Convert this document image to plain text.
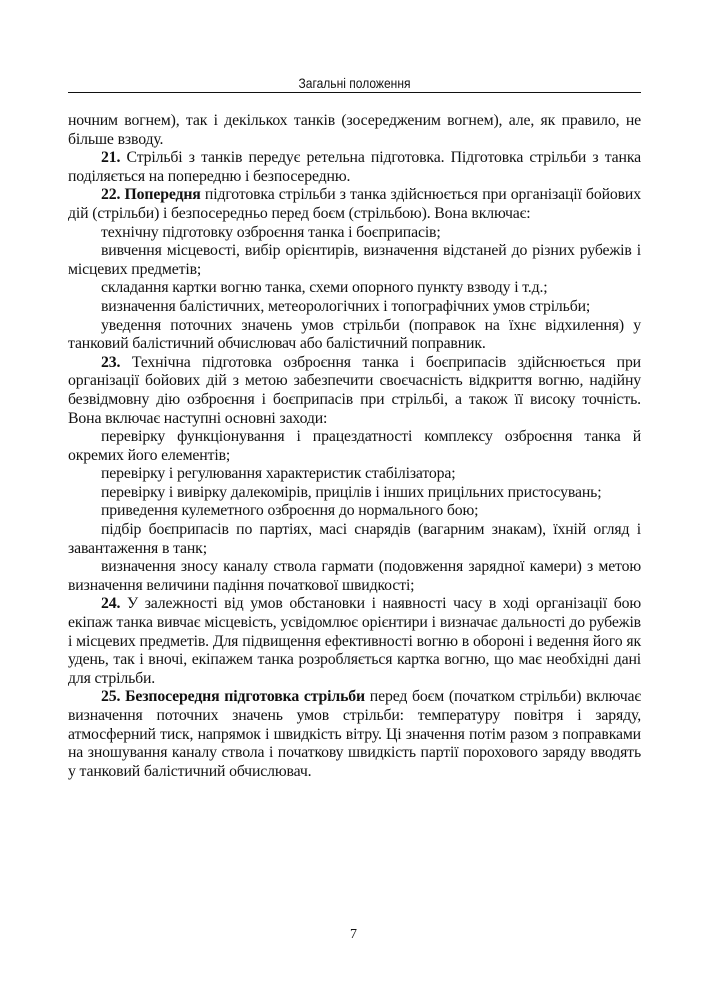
Загальні положення

ночним вогнем), так і декількох танків (зосередженим вогнем), але, як правило, не більше взводу.

21. Стрільбі з танків передує ретельна підготовка. Підготовка стрільби з танка поділяється на попередню і безпосередню.

22. Попередня підготовка стрільби з танка здійснюється при організації бойових дій (стрільби) і безпосередньо перед боєм (стрільбою). Вона включає:

технічну підготовку озброєння танка і боєприпасів;

вивчення місцевості, вибір орієнтирів, визначення відстаней до різних рубежів і місцевих предметів;

складання картки вогню танка, схеми опорного пункту взводу і т.д.;

визначення балістичних, метеорологічних і топографічних умов стрільби;

уведення поточних значень умов стрільби (поправок на їхнє відхилення) у танковий балістичний обчислювач або балістичний поправник.

23. Технічна підготовка озброєння танка і боєприпасів здійснюється при організації бойових дій з метою забезпечити своєчасність відкриття вогню, надійну безвідмовну дію озброєння і боєприпасів при стрільбі, а також її високу точність. Вона включає наступні основні заходи:

перевірку функціонування і працездатності комплексу озброєння танка й окремих його елементів;

перевірку і регулювання характеристик стабілізатора;

перевірку і вивірку далекомірів, прицілів і інших прицільних пристосувань;

приведення кулеметного озброєння до нормального бою;

підбір боєприпасів по партіях, масі снарядів (вагарним знакам), їхній огляд і завантаження в танк;

визначення зносу каналу ствола гармати (подовження зарядної камери) з метою визначення величини падіння початкової швидкості;

24. У залежності від умов обстановки і наявності часу в ході організації бою екіпаж танка вивчає місцевість, усвідомлює орієнтири і визначає дальності до рубежів і місцевих предметів. Для підвищення ефективності вогню в обороні і ведення його як удень, так і вночі, екіпажем танка розробляється картка вогню, що має необхідні дані для стрільби.

25. Безпосередня підготовка стрільби перед боєм (початком стрільби) включає визначення поточних значень умов стрільби: температуру повітря і заряду, атмосферний тиск, напрямок і швидкість вітру. Ці значення потім разом з поправками на зношування каналу ствола і початкову швидкість партії порохового заряду вводять у танковий балістичний обчислювач.

7
